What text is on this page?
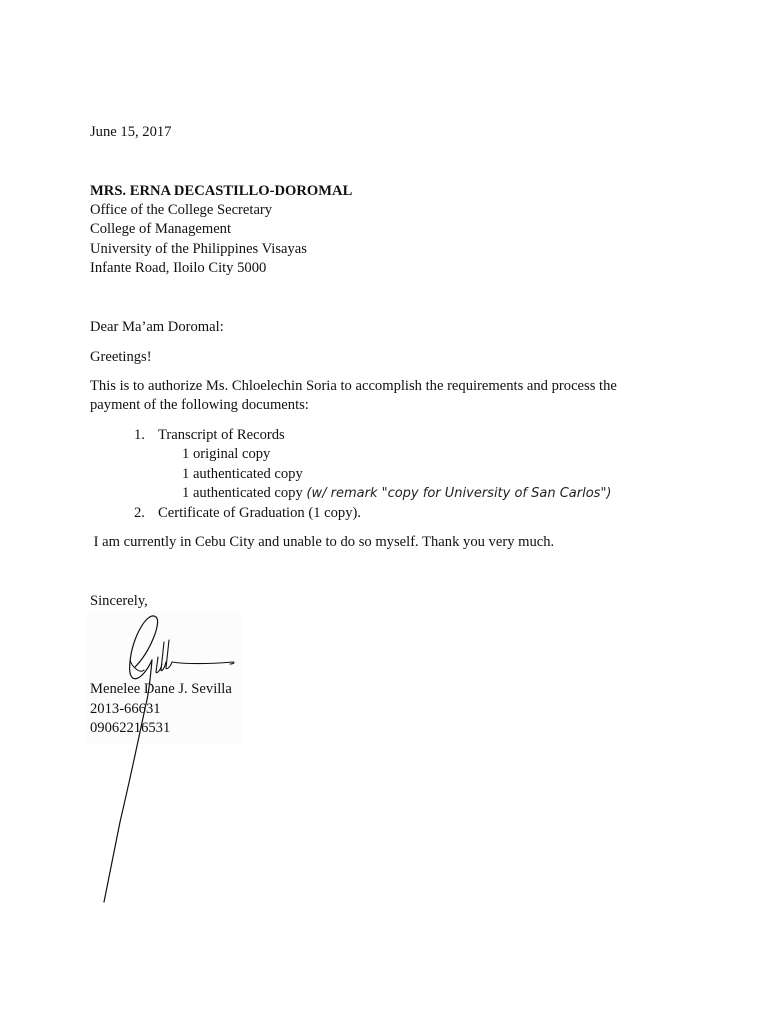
June 15, 2017
MRS. ERNA DECASTILLO-DOROMAL
Office of the College Secretary
College of Management
University of the Philippines Visayas
Infante Road, Iloilo City 5000
Dear Ma’am Doromal:
Greetings!
This is to authorize Ms. Chloelechin Soria to accomplish the requirements and process the payment of the following documents:
1. Transcript of Records
1 original copy
1 authenticated copy
1 authenticated copy (w/ remark "copy for University of San Carlos")
2. Certificate of Graduation (1 copy).
I am currently in Cebu City and unable to do so myself. Thank you very much.
Sincerely,
Menelee Dane J. Sevilla
2013-66631
09062216531
